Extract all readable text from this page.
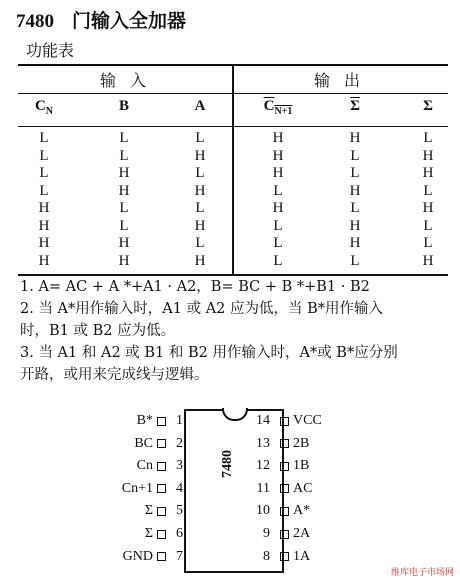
7480 门输入全加器
功能表
输入	输出
$C_N$	B	A	$C_{N+1}$	$\overline{\Sigma}$	Σ
L	L	L	H	H	L
L	L	H	H	L	H
L	H	L	H	L	H
L	H	H	L	H	L
H	L	L	H	L	H
H	L	H	L	H	L
H	H	L	L	H	L
H	H	H	L	L	H

1. A= AC + A *+A1 · A2，B= BC + B *+B1 · B2

2. 当 A*用作输入时，A1 或 A2 应为低，当 B*用作输入

时，B1 或 B2 应为低。

3. 当 A1 和 A2 或 B1 和 B2 用作输入时，A*或 B*应分别

开路，或用来完成线与逻辑。

7480
B* 1
BC 2
Cn 3
Cn+1 4
Σ 5
Σ 6
GND 7
14 VCC
13 2B
12 1B
11 AC
10 A*
9 2A
8 1A
维库电子市场网
